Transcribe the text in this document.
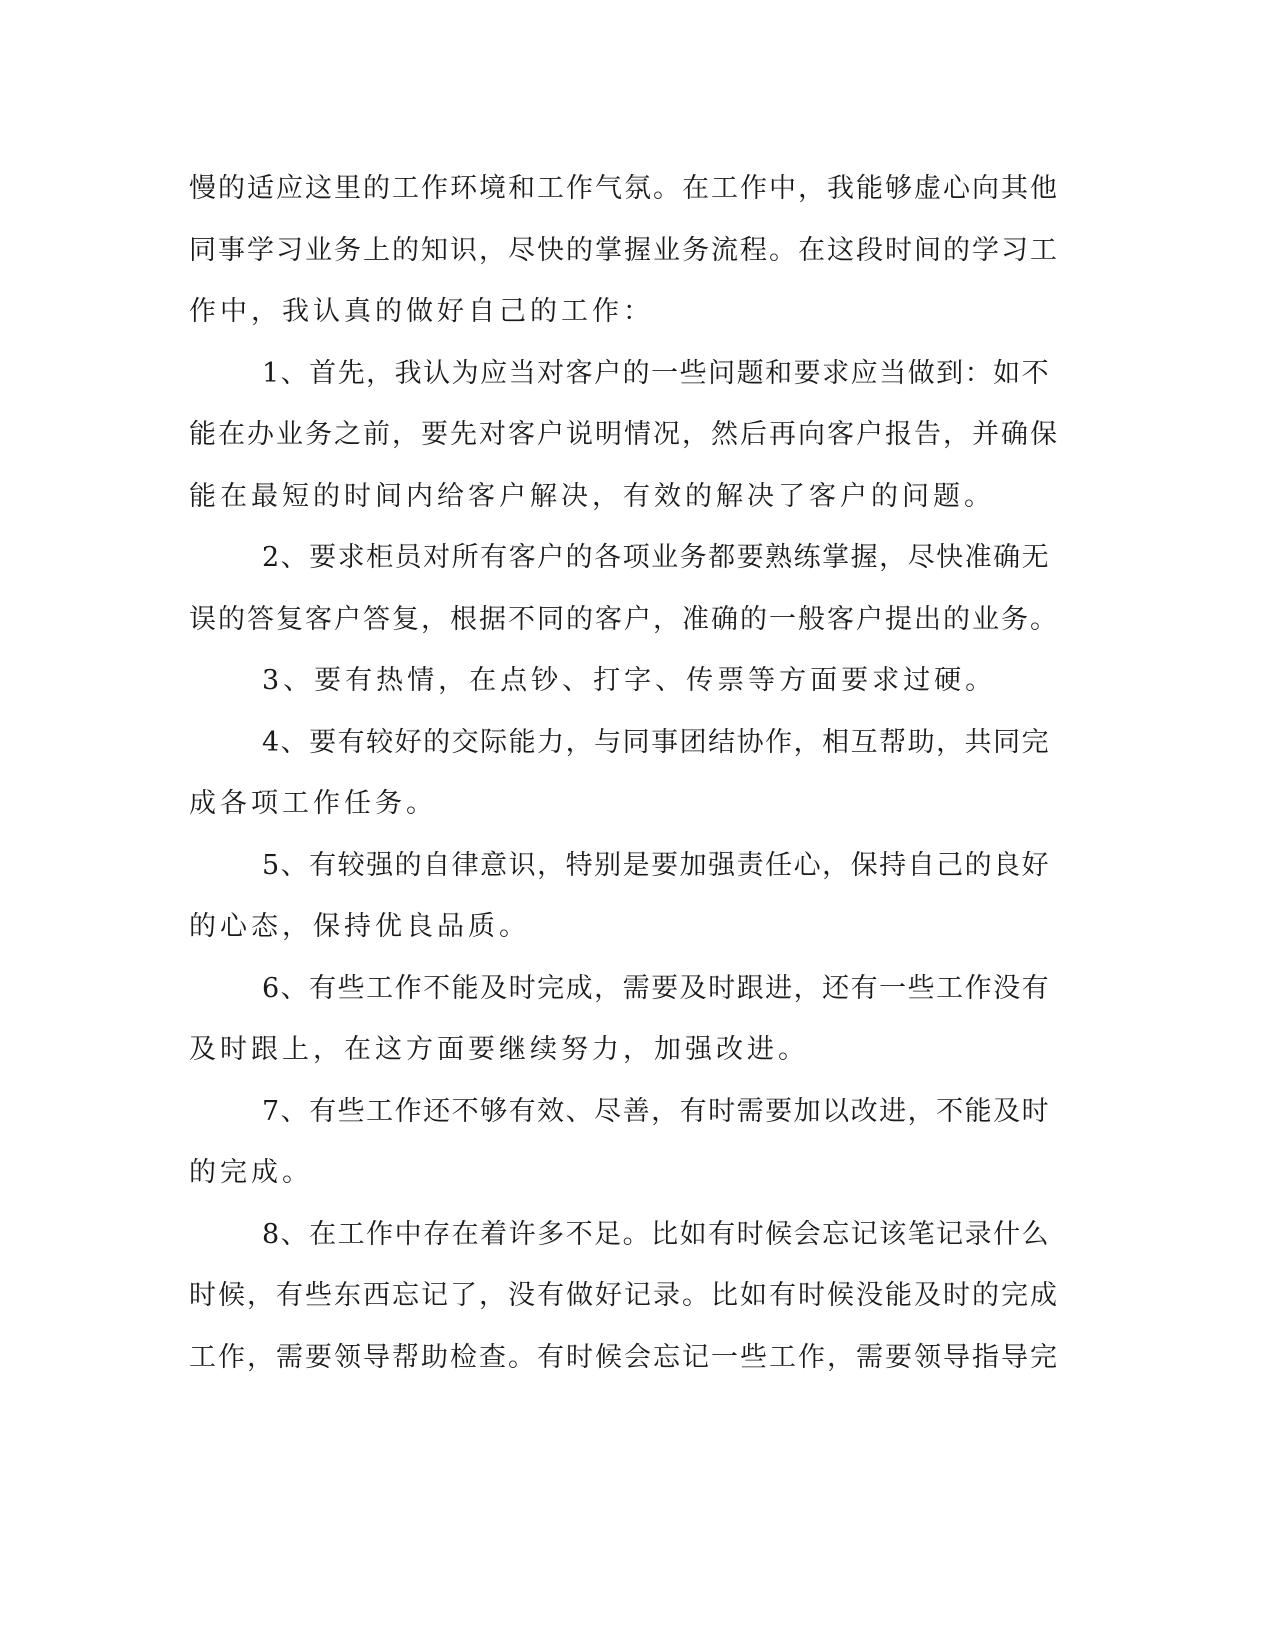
慢的适应这里的工作环境和工作气氛。在工作中，我能够虚心向其他
同事学习业务上的知识，尽快的掌握业务流程。在这段时间的学习工
作中，我认真的做好自己的工作：
1、首先，我认为应当对客户的一些问题和要求应当做到：如不
能在办业务之前，要先对客户说明情况，然后再向客户报告，并确保
能在最短的时间内给客户解决，有效的解决了客户的问题。
2、要求柜员对所有客户的各项业务都要熟练掌握，尽快准确无
误的答复客户答复，根据不同的客户，准确的一般客户提出的业务。
3、要有热情，在点钞、打字、传票等方面要求过硬。
4、要有较好的交际能力，与同事团结协作，相互帮助，共同完
成各项工作任务。
5、有较强的自律意识，特别是要加强责任心，保持自己的良好
的心态，保持优良品质。
6、有些工作不能及时完成，需要及时跟进，还有一些工作没有
及时跟上，在这方面要继续努力，加强改进。
7、有些工作还不够有效、尽善，有时需要加以改进，不能及时
的完成。
8、在工作中存在着许多不足。比如有时候会忘记该笔记录什么
时候，有些东西忘记了，没有做好记录。比如有时候没能及时的完成
工作，需要领导帮助检查。有时候会忘记一些工作，需要领导指导完
